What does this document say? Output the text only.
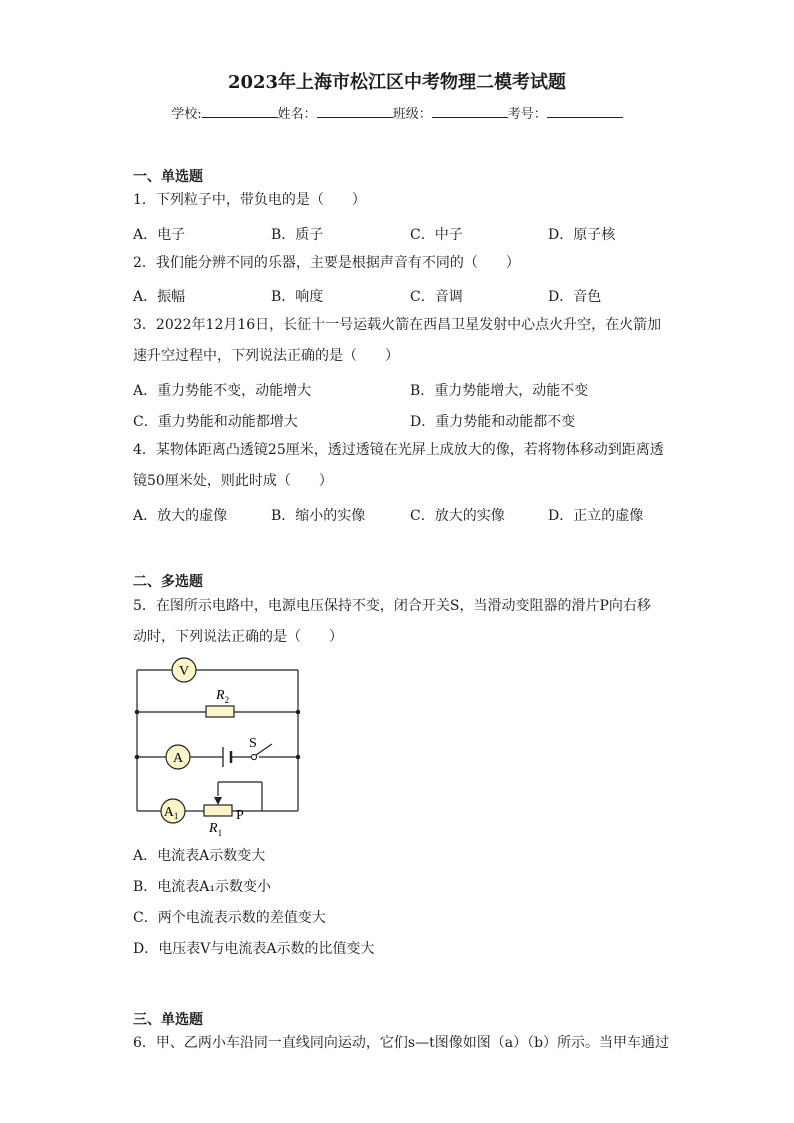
2023年上海市松江区中考物理二模考试题
学校:	姓名：	班级：	考号：
一、单选题
1．下列粒子中，带负电的是（　　）
A．电子	B．质子	C．中子	D．原子核
2．我们能分辨不同的乐器，主要是根据声音有不同的（　　）
A．振幅	B．响度	C．音调	D．音色
3．2022年12月16日，长征十一号运载火箭在西昌卫星发射中心点火升空，在火箭加
速升空过程中，下列说法正确的是（　　）
A．重力势能不变，动能增大	B．重力势能增大，动能不变
C．重力势能和动能都增大	D．重力势能和动能都不变
4．某物体距离凸透镜25厘米，透过透镜在光屏上成放大的像，若将物体移动到距离透
镜50厘米处，则此时成（　　）
A．放大的虚像	B．缩小的实像	C．放大的实像	D．正立的虚像
二、多选题
5．在图所示电路中，电源电压保持不变，闭合开关S，当滑动变阻器的滑片P向右移
动时，下列说法正确的是（　　）
V
A
$A_1$
$R_2$
P
$R_1$
S
A．电流表A示数变大
B．电流表A₁示数变小
C．两个电流表示数的差值变大
D．电压表V与电流表A示数的比值变大
三、单选题
6．甲、乙两小车沿同一直线同向运动，它们s—t图像如图（a）（b）所示。当甲车通过
